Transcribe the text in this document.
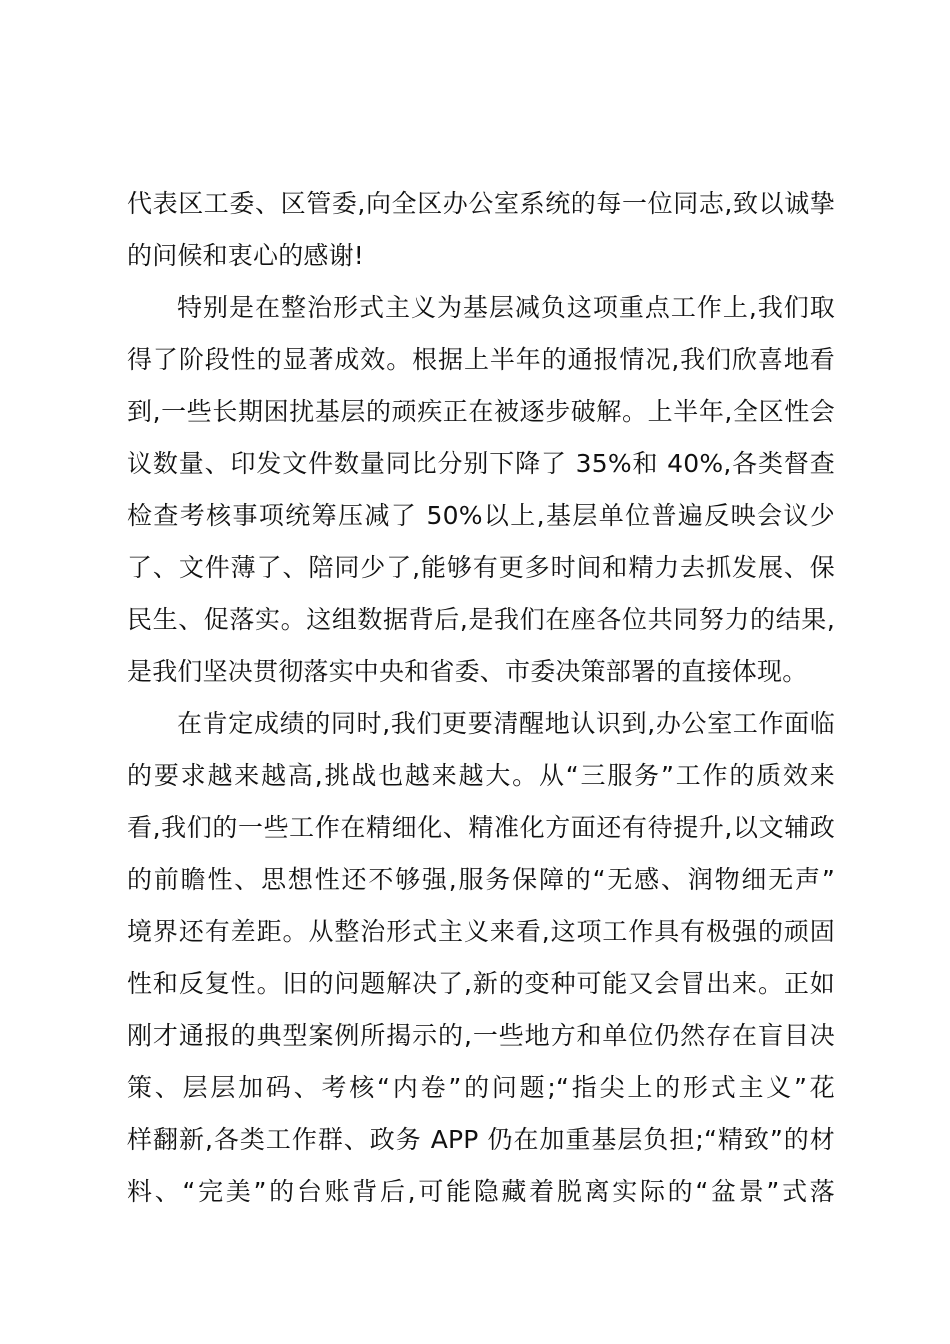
代表区工委、区管委,向全区办公室系统的每一位同志,致以诚挚
的问候和衷心的感谢!
特别是在整治形式主义为基层减负这项重点工作上,我们取
得了阶段性的显著成效。根据上半年的通报情况,我们欣喜地看
到,一些长期困扰基层的顽疾正在被逐步破解。上半年,全区性会
议数量、印发文件数量同比分别下降了 35%和 40%,各类督查
检查考核事项统筹压减了 50%以上,基层单位普遍反映会议少
了、文件薄了、陪同少了,能够有更多时间和精力去抓发展、保
民生、促落实。这组数据背后,是我们在座各位共同努力的结果,
是我们坚决贯彻落实中央和省委、市委决策部署的直接体现。
在肯定成绩的同时,我们更要清醒地认识到,办公室工作面临
的要求越来越高,挑战也越来越大。从“三服务”工作的质效来
看,我们的一些工作在精细化、精准化方面还有待提升,以文辅政
的前瞻性、思想性还不够强,服务保障的“无感、润物细无声”
境界还有差距。从整治形式主义来看,这项工作具有极强的顽固
性和反复性。旧的问题解决了,新的变种可能又会冒出来。正如
刚才通报的典型案例所揭示的,一些地方和单位仍然存在盲目决
策、层层加码、考核“内卷”的问题;“指尖上的形式主义”花
样翻新,各类工作群、政务 APP 仍在加重基层负担;“精致”的材
料、“完美”的台账背后,可能隐藏着脱离实际的“盆景”式落
